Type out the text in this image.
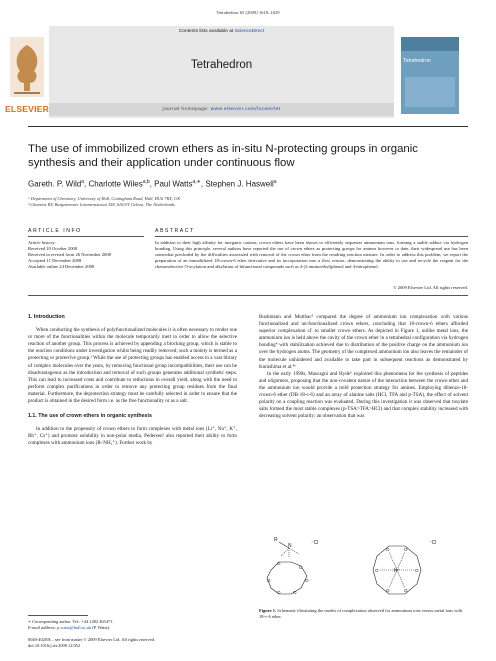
Tetrahedron 65 (2009) 1618–1629
ELSEVIER
Contents lists available at ScienceDirect
Tetrahedron
journal homepage: www.elsevier.com/locate/tet
Tetrahedron
The use of immobilized crown ethers as in-situ N-protecting groups in organic synthesis and their application under continuous flow
Gareth. P. Wild$^a$, Charlotte Wiles$^{a,b}$, Paul Watts$^{a,∗}$, Stephen J. Haswell$^a$
ᵃ Department of Chemistry, University of Hull, Cottingham Road, Hull, HU6 7RX, UK
ᵇ Chemtrix BV, Burgemeester Lemmensstraat 358, 6163JT Geleen, The Netherlands
ARTICLE INFO	ABSTRACT
Article history:
Received 10 October 2008
Received in revised form 26 November 2008
Accepted 11 December 2008
Available online 24 December 2008
In addition to their high affinity for inorganic cations, crown ethers have been shown to efficiently sequester ammonium ions, forming a stable adduct via hydrogen bonding. Using this principle, several authors have reported the use of crown ethers as protecting groups for amines however to date, their widespread use has been somewhat precluded by the difficulties associated with removal of the crown ether from the resulting reaction mixture. In order to address this problem, we report the preparation of an immobilized 18-crown-6 ether derivative and its incorporation into a flow reactor, demonstrating the ability to use and recycle the reagent for the chemoselective O-acylation and alkylation of bifunctional compounds such as 4-(2-aminoethyl)phenol and 4-nitrophenol.
© 2009 Elsevier Ltd. All rights reserved.
1. Introduction

When conducting the synthesis of polyfunctionalized molecules it is often necessary to render one or more of the functionalities within the molecule temporarily inert in order to allow the selective reaction of another group. This process is achieved by appending a blocking group, which is stable to the reaction conditions under investigation whilst being readily removed; such a moiety is termed as a protecting or protective group.¹ While the use of protecting groups has enabled access to a vast library of complex molecules over the years, by removing functional group incompatibilities, their use can be disadvantageous as the introduction and removal of such groups generates additional synthetic steps. This can lead to increased costs and contribute to reductions in overall yield, along with the need to perform complex purifications in order to remove any protecting group residues from the final material. Furthermore, the deprotection strategy must be carefully selected in order to ensure that the product is obtained in the desired form i.e. as the free functionality or as a salt.

1.1. The use of crown ethers in organic synthesis

In addition to the propensity of crown ethers to form complexes with metal ions (Li⁺, Na⁺, K⁺, Rb⁺, Cs⁺) and promote solubility in non-polar media, Pedersen² also reported their ability to form complexes with ammonium ions (R–NH₃⁺). Further work by

Bushmann and Mutihac³ compared the degree of ammonium ion complexation with various functionalized and un-functionalized crown ethers, concluding that 18-crown-6 ethers afforded superior complexation cf. to smaller crown ethers. As depicted in Figure 1, unlike metal ions, the ammonium ion is held above the cavity of the crown ether in a tetrahedral configuration via hydrogen bonding⁴ with stabilization achieved due to distribution of the positive charge on the ammonium ion over the hydrogen atoms. The geometry of the complexed ammonium ion also leaves the remainder of the molecule unhindered and available to take part in subsequent reactions as demonstrated by Kunishima et al.⁴ᵇ

In the early 1990s, Mascagni and Hyde⁵ exploited this phenomena for the synthesis of peptides and oligomers, proposing that the non-covalent nature of the interaction between the crown ether and the ammonium ion would provide a mild protection strategy for amines. Employing dibenzo-18-crown-6 ether (DB-18-c-6) and an array of alanine salts (HCl, TFA and p-TSA), the effect of solvent polarity on a coupling reaction was evaluated. During this investigation it was observed that tosylate salts formed the most stable complexes (p-TSA>TFA>HCl) and that complex stability increased with decreasing solvent polarity; an observation that was

R
N	⁻Cl
O
O
O	O
O	O
K⁺
⁻Cl
O	O
O	O
O	O
Figure 1. Schematic illustrating the modes of complexation observed for ammonium ions versus metal ions with 18-c-6 ether.
∗ Corresponding author. Tel.: +44 1482 465471.
E-mail address: p.watts@hull.ac.uk (P. Watts).
0040-4020/$ – see front matter © 2009 Elsevier Ltd. All rights reserved.
doi:10.1016/j.tet.2008.12.052
